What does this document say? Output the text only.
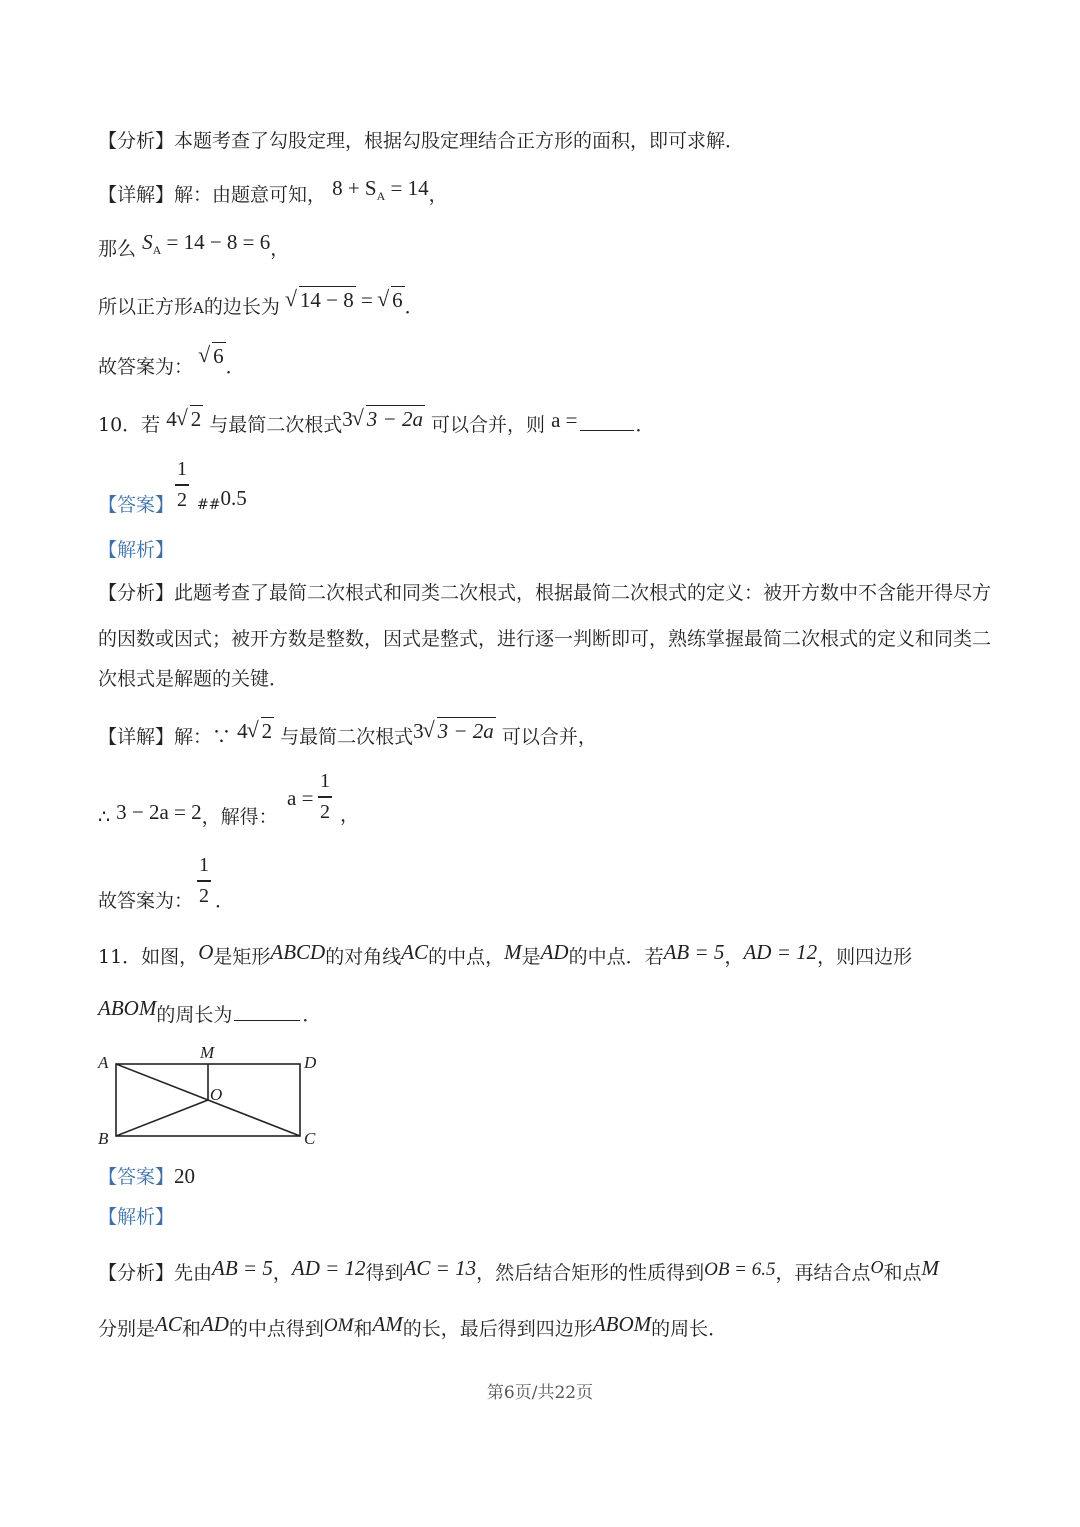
【分析】本题考查了勾股定理，根据勾股定理结合正方形的面积，即可求解．
【详解】解：由题意可知， $8 + S_A = 14$，
那么 $S_A = 14 - 8 = 6$，
所以正方形A的边长为 √ 14 − 8 = √ 6 ．
故答案为： √ 6 ．
10．若 4 √ 2 与最简二次根式3 √ 3 − 2a 可以合并，则 a =	．
【答案】
1
2 ##0.5
【解析】
【分析】此题考查了最简二次根式和同类二次根式，根据最简二次根式的定义：被开方数中不含能开得尽方
的因数或因式；被开方数是整数，因式是整式，进行逐一判断即可，熟练掌握最简二次根式的定义和同类二
次根式是解题的关键．
【详解】解：∵ 4 √ 2 与最简二次根式3 √ 3 − 2a 可以合并，
∴ 3 − 2a = 2，解得：
a =
1
2 ，
故答案为：
1
2 ．
11．如图，O是矩形ABCD的对角线AC的中点，M是AD的中点．若AB = 5，AD = 12，则四边形
ABOM的周长为	．
A
M
D
O
B	C
【答案】20
【解析】
【分析】先由AB = 5，AD = 12得到AC = 13，然后结合矩形的性质得到OB = 6.5，再结合点O和点M
分别是AC和AD的中点得到OM和AM的长，最后得到四边形ABOM的周长．
第6页/共22页
